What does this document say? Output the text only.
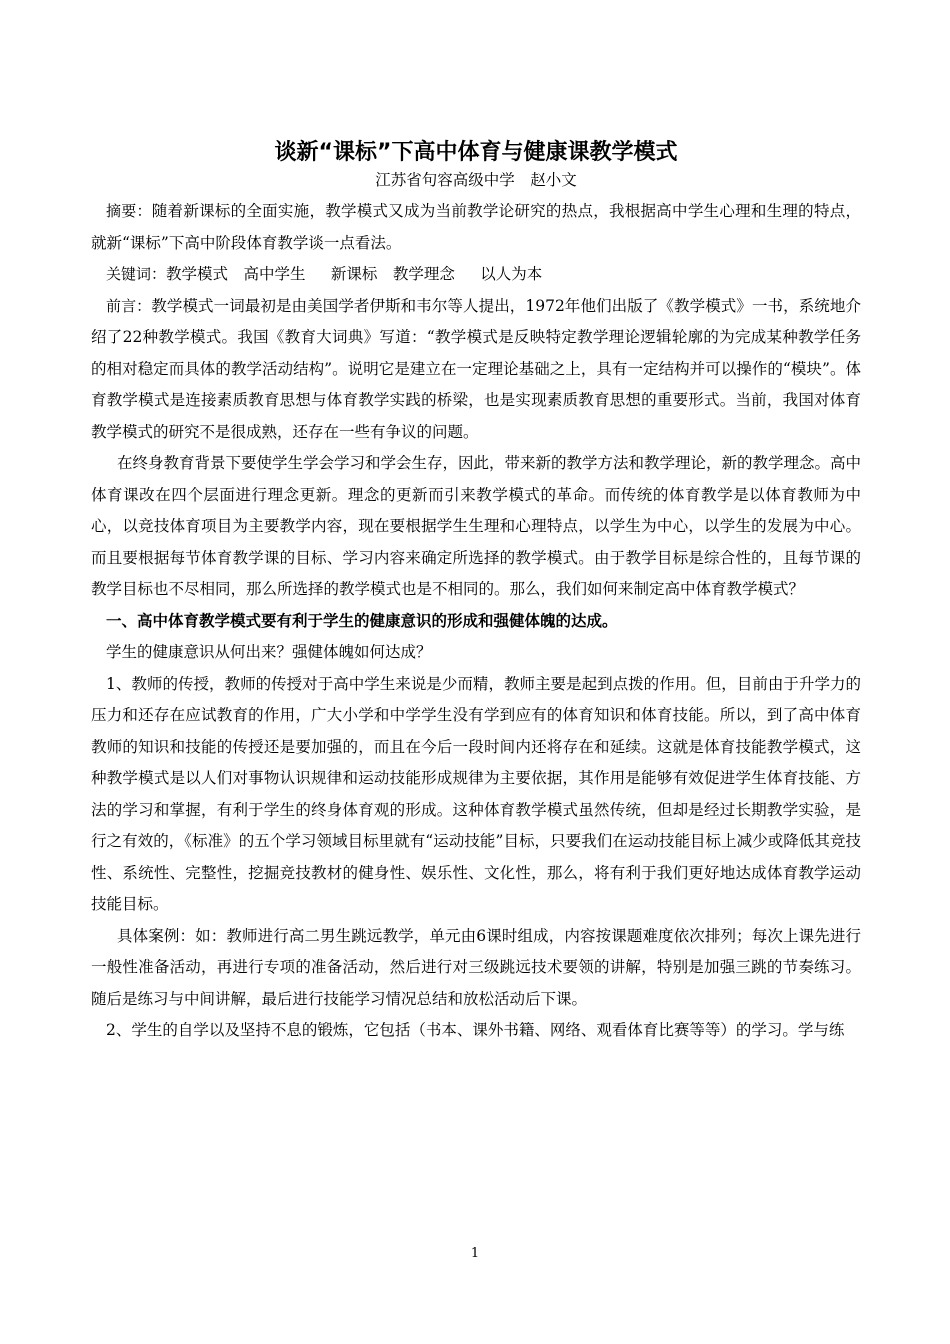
谈新“课标”下高中体育与健康课教学模式
江苏省句容高级中学　赵小文

摘要：随着新课标的全面实施，教学模式又成为当前教学论研究的热点，我根据高中学生心理和生理的特点，就新“课标”下高中阶段体育教学谈一点看法。

关键词：教学模式　高中学生　  新课标　教学理念　  以人为本

前言：教学模式一词最初是由美国学者伊斯和韦尔等人提出，1972年他们出版了《教学模式》一书，系统地介绍了22种教学模式。我国《教育大词典》写道：“教学模式是反映特定教学理论逻辑轮廓的为完成某种教学任务的相对稳定而具体的教学活动结构”。说明它是建立在一定理论基础之上，具有一定结构并可以操作的“模块”。体育教学模式是连接素质教育思想与体育教学实践的桥梁，也是实现素质教育思想的重要形式。当前，我国对体育教学模式的研究不是很成熟，还存在一些有争议的问题。

在终身教育背景下要使学生学会学习和学会生存，因此，带来新的教学方法和教学理论，新的教学理念。高中体育课改在四个层面进行理念更新。理念的更新而引来教学模式的革命。而传统的体育教学是以体育教师为中心，以竞技体育项目为主要教学内容，现在要根据学生生理和心理特点，以学生为中心，以学生的发展为中心。而且要根据每节体育教学课的目标、学习内容来确定所选择的教学模式。由于教学目标是综合性的，且每节课的教学目标也不尽相同，那么所选择的教学模式也是不相同的。那么，我们如何来制定高中体育教学模式？

一、高中体育教学模式要有利于学生的健康意识的形成和强健体魄的达成。

学生的健康意识从何出来？强健体魄如何达成？

1、教师的传授，教师的传授对于高中学生来说是少而精，教师主要是起到点拨的作用。但，目前由于升学力的压力和还存在应试教育的作用，广大小学和中学学生没有学到应有的体育知识和体育技能。所以，到了高中体育教师的知识和技能的传授还是要加强的，而且在今后一段时间内还将存在和延续。这就是体育技能教学模式，这种教学模式是以人们对事物认识规律和运动技能形成规律为主要依据，其作用是能够有效促进学生体育技能、方法的学习和掌握，有利于学生的终身体育观的形成。这种体育教学模式虽然传统，但却是经过长期教学实验，是行之有效的，《标准》的五个学习领域目标里就有“运动技能”目标，只要我们在运动技能目标上减少或降低其竞技性、系统性、完整性，挖掘竞技教材的健身性、娱乐性、文化性，那么，将有利于我们更好地达成体育教学运动技能目标。

具体案例：如：教师进行高二男生跳远教学，单元由6课时组成，内容按课题难度依次排列；每次上课先进行一般性准备活动，再进行专项的准备活动，然后进行对三级跳远技术要领的讲解，特别是加强三跳的节奏练习。随后是练习与中间讲解，最后进行技能学习情况总结和放松活动后下课。

2、学生的自学以及坚持不息的锻炼，它包括（书本、课外书籍、网络、观看体育比赛等等）的学习。学与练

1
